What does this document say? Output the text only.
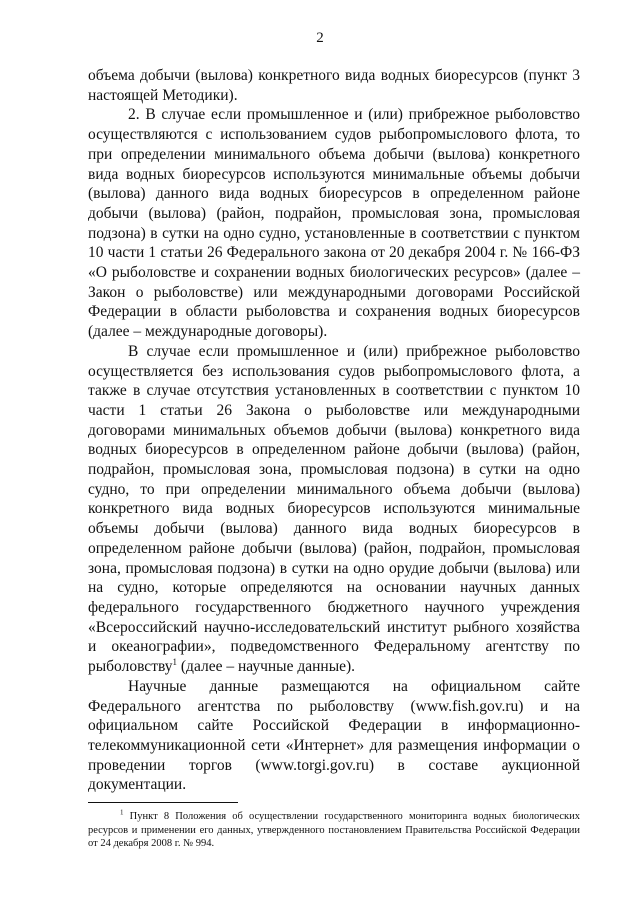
2

объема добычи (вылова) конкретного вида водных биоресурсов (пункт 3 настоящей Методики).

2. В случае если промышленное и (или) прибрежное рыболовство осуществляются с использованием судов рыбопромыслового флота, то при определении минимального объема добычи (вылова) конкретного вида водных биоресурсов используются минимальные объемы добычи (вылова) данного вида водных биоресурсов в определенном районе добычи (вылова) (район, подрайон, промысловая зона, промысловая подзона) в сутки на одно судно, установленные в соответствии с пунктом 10 части 1 статьи 26 Федерального закона от 20 декабря 2004 г. № 166-ФЗ «О рыболовстве и сохранении водных биологических ресурсов» (далее – Закон о рыболовстве) или международными договорами Российской Федерации в области рыболовства и сохранения водных биоресурсов (далее – международные договоры).

В случае если промышленное и (или) прибрежное рыболовство осуществляется без использования судов рыбопромыслового флота, а также в случае отсутствия установленных в соответствии с пунктом 10 части 1 статьи 26 Закона о рыболовстве или международными договорами минимальных объемов добычи (вылова) конкретного вида водных биоресурсов в определенном районе добычи (вылова) (район, подрайон, промысловая зона, промысловая подзона) в сутки на одно судно, то при определении минимального объема добычи (вылова) конкретного вида водных биоресурсов используются минимальные объемы добычи (вылова) данного вида водных биоресурсов в определенном районе добычи (вылова) (район, подрайон, промысловая зона, промысловая подзона) в сутки на одно орудие добычи (вылова) или на судно, которые определяются на основании научных данных федерального государственного бюджетного научного учреждения «Всероссийский научно-исследовательский институт рыбного хозяйства и океанографии», подведомственного Федеральному агентству по рыболовству$^1$ (далее – научные данные).

Научные данные размещаются на официальном сайте Федерального агентства по рыболовству (www.fish.gov.ru) и на официальном сайте Российской Федерации в информационно-телекоммуникационной сети «Интернет» для размещения информации о проведении торгов (www.torgi.gov.ru) в составе аукционной документации.

$^1$ Пункт 8 Положения об осуществлении государственного мониторинга водных биологических ресурсов и применении его данных, утвержденного постановлением Правительства Российской Федерации от 24 декабря 2008 г. № 994.
